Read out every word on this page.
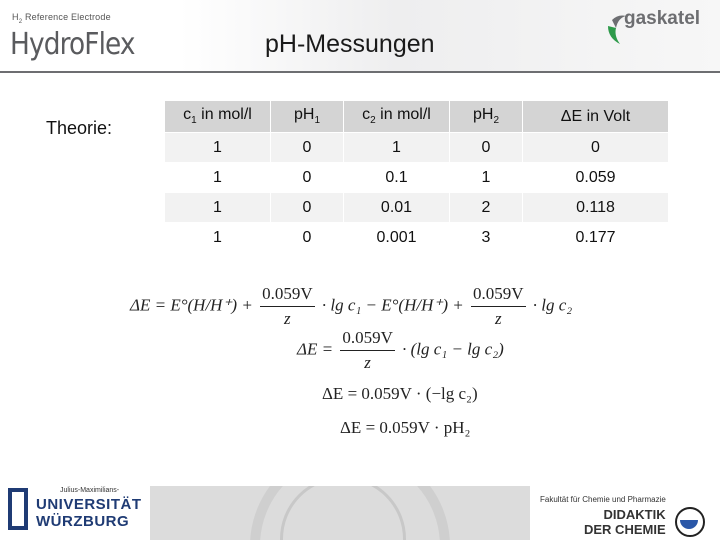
$H_2$ Reference Electrode
HydroFlex	pH-Messungen
gaskatel
Theorie:
$c_1$ in mol/l	$pH_1$	$c_2$ in mol/l	$pH_2$	ΔE in Volt
1	0	1	0	0
1	0	0.1	1	0.059
1	0	0.01	2	0.118
1	0	0.001	3	0.177
$\Delta E = E^\circ(H/H^+) + \frac{0.059V}{z} \cdot \lg c_1 - E^\circ(H/H^+) + \frac{0.059V}{z} \cdot \lg c_2$
$\Delta E = \frac{0.059V}{z} \cdot (\lg$ c₁ − lg c₂)
ΔE = 0.059V · (−lg c₂)
ΔE = 0.059V · pH₂
Julius-Maximilians-
UNIVERSITÄT
WÜRZBURG
Fakultät für Chemie und Pharmazie
DIDAKTIK
DER CHEMIE
